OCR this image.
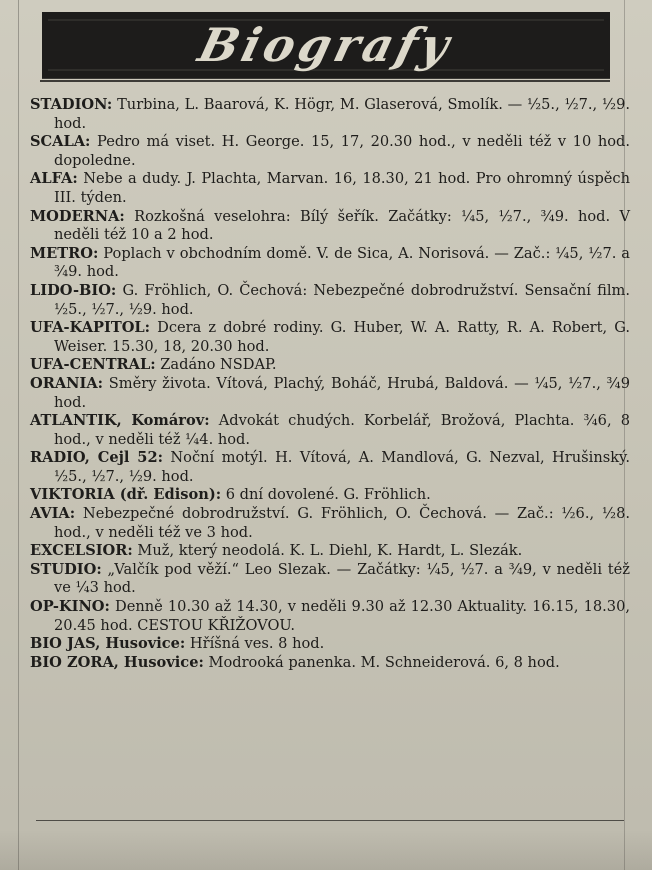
Biografy

STADION: Turbina, L. Baarová, K. Högr, M. Glaserová, Smolík. — ½5., ½7., ½9. hod.

SCALA: Pedro má viset. H. George. 15, 17, 20.30 hod., v neděli též v 10 hod. dopoledne.

ALFA: Nebe a dudy. J. Plachta, Marvan. 16, 18.30, 21 hod. Pro ohromný úspěch III. týden.

MODERNA: Rozkošná veselohra: Bílý šeřík. Začátky: ¼5, ½7., ¾9. hod. V neděli též 10 a 2 hod.

METRO: Poplach v obchodním domě. V. de Sica, A. Norisová. — Zač.: ¼5, ½7. a ¾9. hod.

LIDO-BIO: G. Fröhlich, O. Čechová: Nebezpečné dobrodružství. Sensační film. ½5., ½7., ½9. hod.

UFA-KAPITOL: Dcera z dobré rodiny. G. Huber, W. A. Ratty, R. A. Robert, G. Weiser. 15.30, 18, 20.30 hod.

UFA-CENTRAL: Zadáno NSDAP.

ORANIA: Směry života. Vítová, Plachý, Boháč, Hrubá, Baldová. — ¼5, ½7., ¾9 hod.

ATLANTIK, Komárov: Advokát chudých. Korbelář, Brožová, Plachta. ¾6, 8 hod., v neděli též ¼4. hod.

RADIO, Cejl 52: Noční motýl. H. Vítová, A. Mandlová, G. Nezval, Hrušinský. ½5., ½7., ½9. hod.

VIKTORIA (dř. Edison): 6 dní dovolené. G. Fröhlich.

AVIA: Nebezpečné dobrodružství. G. Fröhlich, O. Čechová. — Zač.: ½6., ½8. hod., v neděli též ve 3 hod.

EXCELSIOR: Muž, který neodolá. K. L. Diehl, K. Hardt, L. Slezák.

STUDIO: „Valčík pod věží.“ Leo Slezak. — Začátky: ¼5, ½7. a ¾9, v neděli též ve ¼3 hod.

OP-KINO: Denně 10.30 až 14.30, v neděli 9.30 až 12.30 Aktuality. 16.15, 18.30, 20.45 hod. CESTOU KŘIŽOVOU.

BIO JAS, Husovice: Hříšná ves. 8 hod.

BIO ZORA, Husovice: Modrooká panenka. M. Schneiderová. 6, 8 hod.
